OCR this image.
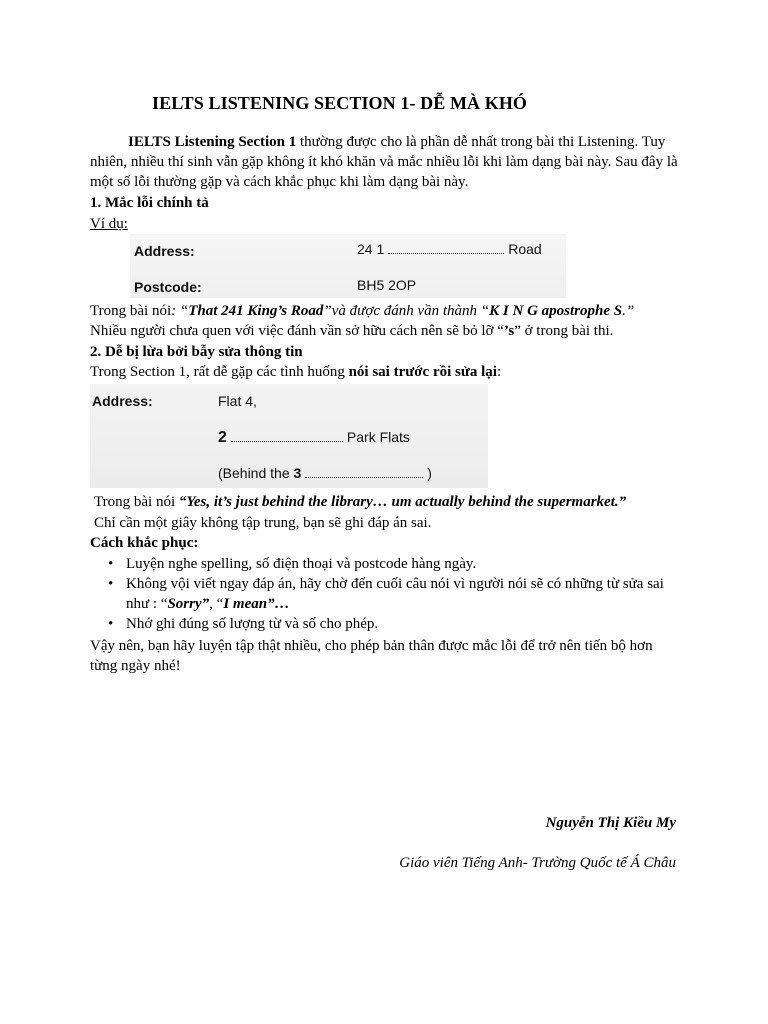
IELTS LISTENING SECTION 1- DỄ MÀ KHÓ
IELTS Listening Section 1 thường được cho là phần dễ nhất trong bài thi Listening. Tuy nhiên, nhiều thí sinh vẫn gặp không ít khó khăn và mắc nhiều lỗi khi làm dạng bài này. Sau đây là một số lỗi thường gặp và cách khắc phục khi làm dạng bài này.
1. Mắc lỗi chính tả
Ví dụ:
Address:	24 1	Road
Postcode:	BH5 2OP
Trong bài nói: “That 241 King’s Road”và được đánh vần thành “K I N G apostrophe S.”
Nhiều người chưa quen với việc đánh vần sở hữu cách nên sẽ bỏ lỡ “’s” ở trong bài thi.
2. Dễ bị lừa bởi bẫy sửa thông tin
Trong Section 1, rất dễ gặp các tình huống nói sai trước rồi sửa lại:
Address:	Flat 4,
2	Park Flats
(Behind the 3	)
Trong bài nói “Yes, it’s just behind the library… um actually behind the supermarket.”
Chỉ cần một giây không tập trung, bạn sẽ ghi đáp án sai.
Cách khắc phục:
• Luyện nghe spelling, số điện thoại và postcode hàng ngày.
• Không vội viết ngay đáp án, hãy chờ đến cuối câu nói vì người nói sẽ có những từ sửa sai như : “Sorry”, “I mean”…
• Nhớ ghi đúng số lượng từ và số cho phép.
Vậy nên, bạn hãy luyện tập thật nhiều, cho phép bản thân được mắc lỗi để trở nên tiến bộ hơn từng ngày nhé!
Nguyễn Thị Kiều My
Giáo viên Tiếng Anh- Trường Quốc tế Á Châu
